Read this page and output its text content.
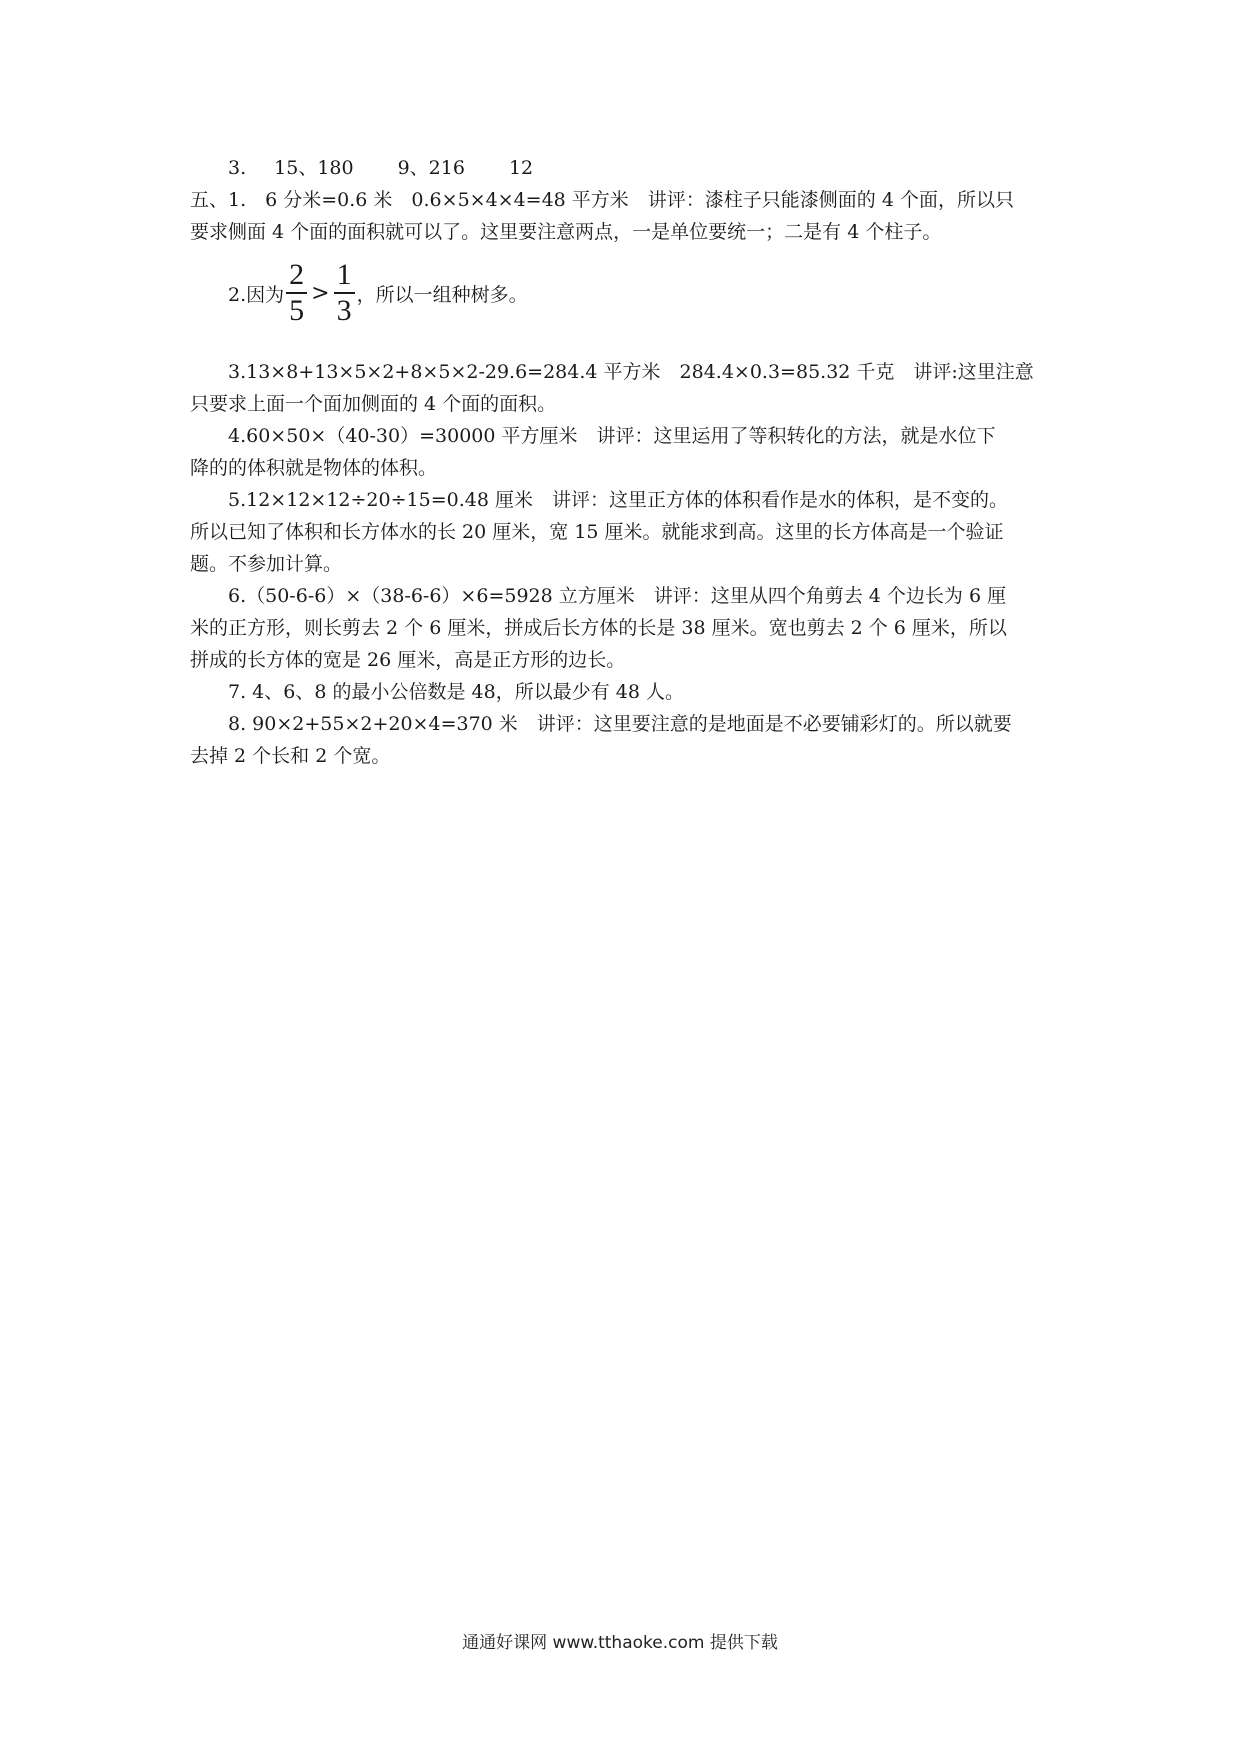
3. 15、180 9、216 12
五、1.　6 分米=0.6 米　0.6×5×4×4=48 平方米　讲评：漆柱子只能漆侧面的 4 个面，所以只
要求侧面 4 个面的面积就可以了。这里要注意两点，一是单位要统一；二是有 4 个柱子。
2.因为 $\frac{2}{5} > \frac{1}{3}$ ，所以一组种树多。
3.13×8+13×5×2+8×5×2-29.6=284.4 平方米　284.4×0.3=85.32 千克　讲评:这里注意
只要求上面一个面加侧面的 4 个面的面积。
4.60×50×（40-30）=30000 平方厘米　讲评：这里运用了等积转化的方法，就是水位下
降的的体积就是物体的体积。
5.12×12×12÷20÷15=0.48 厘米　讲评：这里正方体的体积看作是水的体积，是不变的。
所以已知了体积和长方体水的长 20 厘米，宽 15 厘米。就能求到高。这里的长方体高是一个验证
题。不参加计算。
6.（50-6-6）×（38-6-6）×6=5928 立方厘米　讲评：这里从四个角剪去 4 个边长为 6 厘
米的正方形，则长剪去 2 个 6 厘米，拼成后长方体的长是 38 厘米。宽也剪去 2 个 6 厘米，所以
拼成的长方体的宽是 26 厘米，高是正方形的边长。
7. 4、6、8 的最小公倍数是 48，所以最少有 48 人。
8. 90×2+55×2+20×4=370 米　讲评：这里要注意的是地面是不必要铺彩灯的。所以就要
去掉 2 个长和 2 个宽。
通通好课网 www.tthaoke.com 提供下载
